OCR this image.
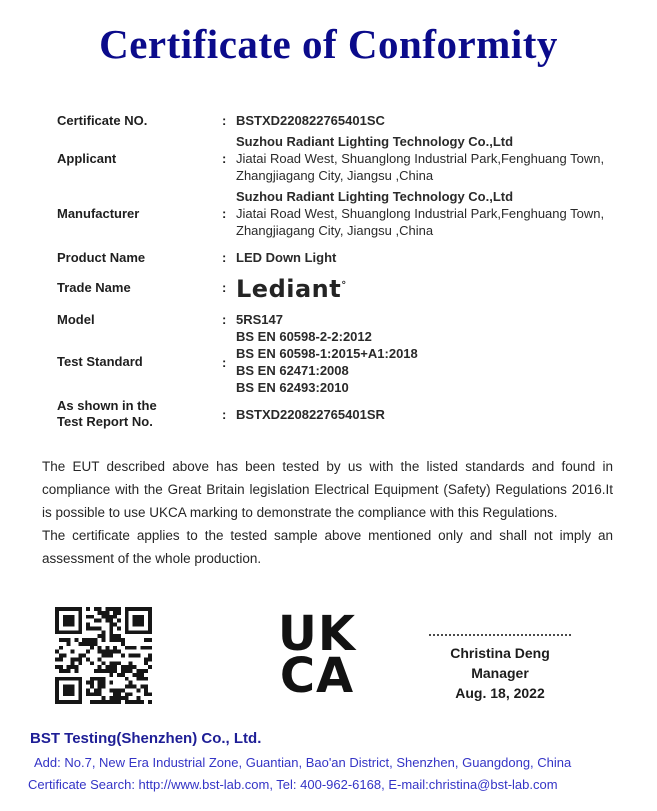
Certificate of Conformity
Certificate NO.	: BSTXD220822765401SC
Applicant	:
Suzhou Radiant Lighting Technology Co.,Ltd
Jiatai Road West, Shuanglong Industrial Park,Fenghuang Town,
Zhangjiagang City, Jiangsu ,China
Manufacturer	:
Suzhou Radiant Lighting Technology Co.,Ltd
Jiatai Road West, Shuanglong Industrial Park,Fenghuang Town,
Zhangjiagang City, Jiangsu ,China
Product Name	: LED Down Light
Trade Name	: Lediant°
Model	: 5RS147
Test Standard	:
BS EN 60598-2-2:2012
BS EN 60598-1:2015+A1:2018
BS EN 62471:2008
BS EN 62493:2010
As shown in the
Test Report No.	: BSTXD220822765401SR

The EUT described above has been tested by us with the listed standards and found in compliance with the Great Britain legislation Electrical Equipment (Safety) Regulations 2016.It is possible to use UKCA marking to demonstrate the compliance with this Regulations.

The certificate applies to the tested sample above mentioned only and shall not imply an assessment of the whole production.

UK
CA	Christina Deng
Manager
Aug. 18, 2022
BST Testing(Shenzhen) Co., Ltd.
Add: No.7, New Era Industrial Zone, Guantian, Bao'an District, Shenzhen, Guangdong, China
Certificate Search: http://www.bst-lab.com, Tel: 400-962-6168, E-mail:christina@bst-lab.com
